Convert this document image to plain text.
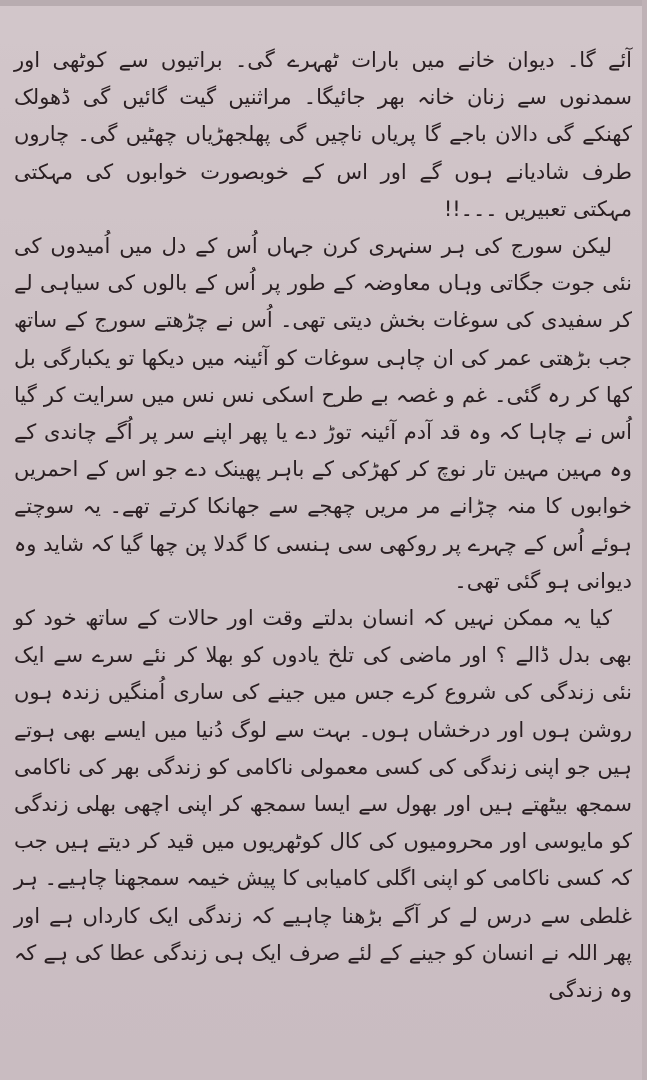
آئے گا۔ دیوان خانے میں بارات ٹھہرے گی۔ براتیوں سے کوٹھی اور سمدنوں سے زنان خانہ بھر جائیگا۔ مراثنیں گیت گائیں گی ڈھولک کھنکے گی دالان باجے گا پریاں ناچیں گی پھلجھڑیاں چھٹیں گی۔ چاروں طرف شادیانے ہوں گے اور اس کے خوبصورت خوابوں کی مہکتی مہکتی تعبیریں ۔۔۔!!

لیکن سورج کی ہر سنہری کرن جہاں اُس کے دل میں اُمیدوں کی نئی جوت جگاتی وہاں معاوضہ کے طور پر اُس کے بالوں کی سیاہی لے کر سفیدی کی سوغات بخش دیتی تھی۔ اُس نے چڑھتے سورج کے ساتھ جب بڑھتی عمر کی ان چاہی سوغات کو آئینہ میں دیکھا تو یکبارگی بل کھا کر رہ گئی۔ غم و غصہ بے طرح اسکی نس نس میں سرایت کر گیا اُس نے چاہا کہ وہ قد آدم آئینہ توڑ دے یا پھر اپنے سر پر اُگے چاندی کے وہ مہین مہین تار نوچ کر کھڑکی کے باہر پھینک دے جو اس کے احمریں خوابوں کا منہ چڑانے مر مریں چھجے سے جھانکا کرتے تھے۔ یہ سوچتے ہوئے اُس کے چہرے پر روکھی سی ہنسی کا گدلا پن چھا گیا کہ شاید وہ دیوانی ہو گئی تھی۔

کیا یہ ممکن نہیں کہ انسان بدلتے وقت اور حالات کے ساتھ خود کو بھی بدل ڈالے ؟ اور ماضی کی تلخ یادوں کو بھلا کر نئے سرے سے ایک نئی زندگی کی شروع کرے جس میں جینے کی ساری اُمنگیں زندہ ہوں روشن ہوں اور درخشاں ہوں۔ بہت سے لوگ دُنیا میں ایسے بھی ہوتے ہیں جو اپنی زندگی کی کسی معمولی ناکامی کو زندگی بھر کی ناکامی سمجھ بیٹھتے ہیں اور بھول سے ایسا سمجھ کر اپنی اچھی بھلی زندگی کو مایوسی اور محرومیوں کی کال کوٹھریوں میں قید کر دیتے ہیں جب کہ کسی ناکامی کو اپنی اگلی کامیابی کا پیش خیمہ سمجھنا چاہیے۔ ہر غلطی سے درس لے کر آگے بڑھنا چاہیے کہ زندگی ایک کارداں ہے اور پھر اللہ نے انسان کو جینے کے لئے صرف ایک ہی زندگی عطا کی ہے کہ وہ زندگی
